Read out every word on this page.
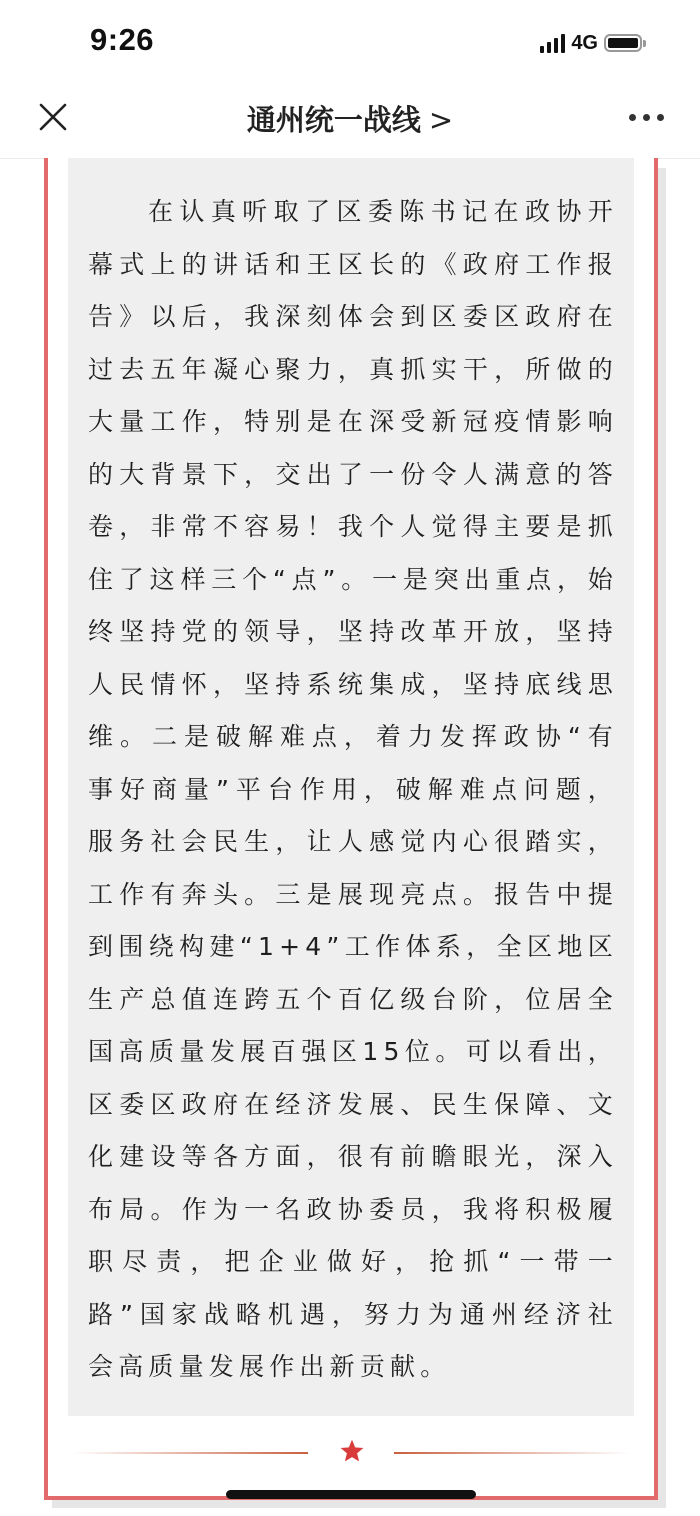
9:26	4G
通州统一战线 >

在认真听取了区委陈书记在政协开幕式上的讲话和王区长的《政府工作报告》以后，我深刻体会到区委区政府在过去五年凝心聚力，真抓实干，所做的大量工作，特别是在深受新冠疫情影响的大背景下，交出了一份令人满意的答卷，非常不容易！我个人觉得主要是抓住了这样三个“点”。一是突出重点，始终坚持党的领导，坚持改革开放，坚持人民情怀，坚持系统集成，坚持底线思维。二是破解难点，着力发挥政协“有事好商量”平台作用，破解难点问题，服务社会民生，让人感觉内心很踏实，工作有奔头。三是展现亮点。报告中提到围绕构建“1+4”工作体系，全区地区生产总值连跨五个百亿级台阶，位居全国高质量发展百强区15位。可以看出，区委区政府在经济发展、民生保障、文化建设等各方面，很有前瞻眼光，深入布局。作为一名政协委员，我将积极履职尽责，把企业做好，抢抓“一带一路”国家战略机遇，努力为通州经济社会高质量发展作出新贡献。
